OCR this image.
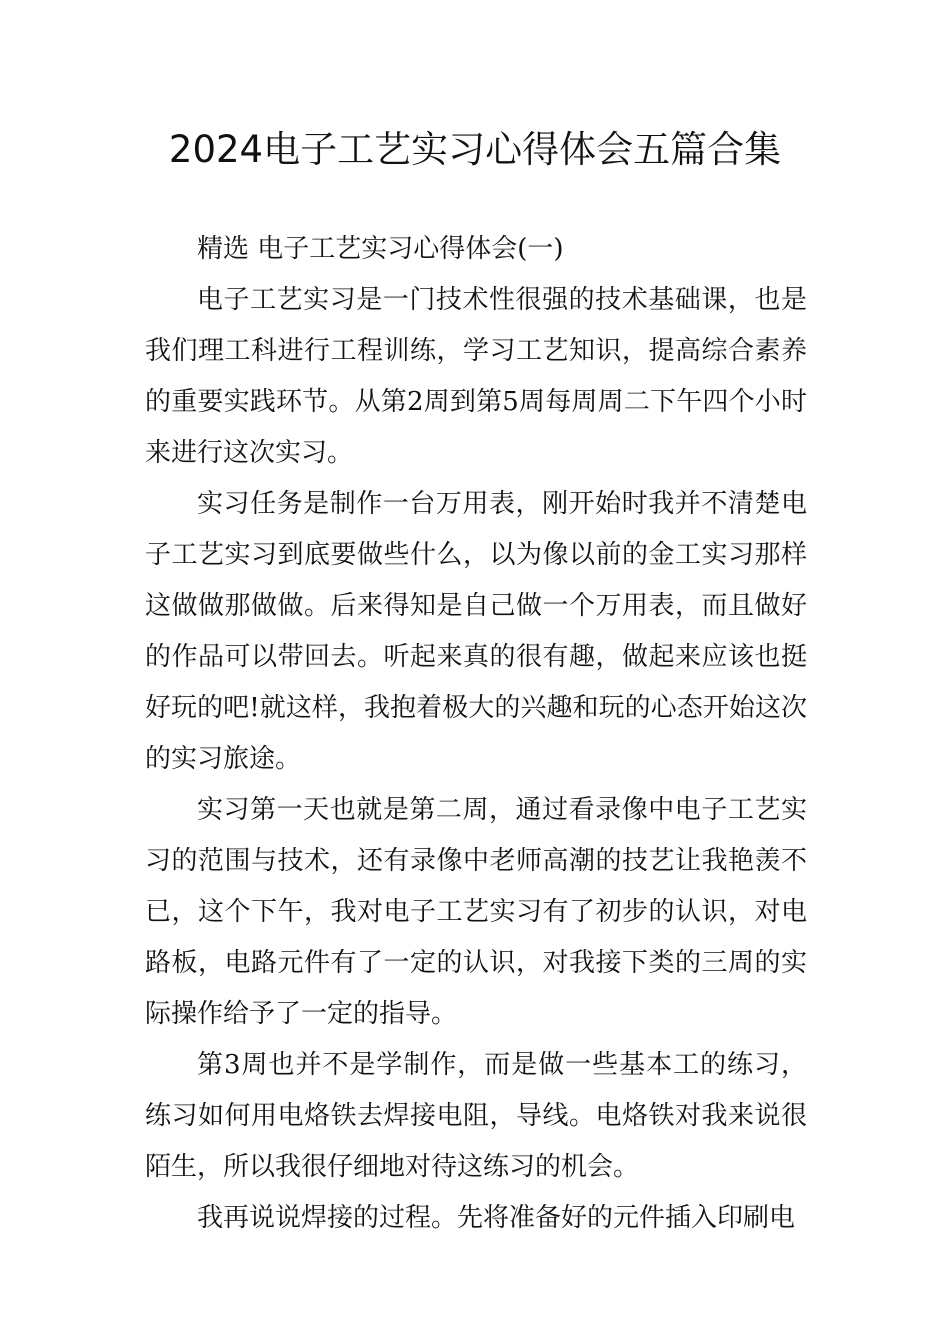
2024电子工艺实习心得体会五篇合集

精选 电子工艺实习心得体会(一)

电子工艺实习是一门技术性很强的技术基础课，也是我们理工科进行工程训练，学习工艺知识，提高综合素养的重要实践环节。从第2周到第5周每周周二下午四个小时来进行这次实习。

实习任务是制作一台万用表，刚开始时我并不清楚电子工艺实习到底要做些什么，以为像以前的金工实习那样这做做那做做。后来得知是自己做一个万用表，而且做好的作品可以带回去。听起来真的很有趣，做起来应该也挺好玩的吧!就这样，我抱着极大的兴趣和玩的心态开始这次的实习旅途。

实习第一天也就是第二周，通过看录像中电子工艺实习的范围与技术，还有录像中老师高潮的技艺让我艳羡不已，这个下午，我对电子工艺实习有了初步的认识，对电路板，电路元件有了一定的认识，对我接下类的三周的实际操作给予了一定的指导。

第3周也并不是学制作，而是做一些基本工的练习，练习如何用电烙铁去焊接电阻，导线。电烙铁对我来说很陌生，所以我很仔细地对待这练习的机会。

我再说说焊接的过程。先将准备好的元件插入印刷电
